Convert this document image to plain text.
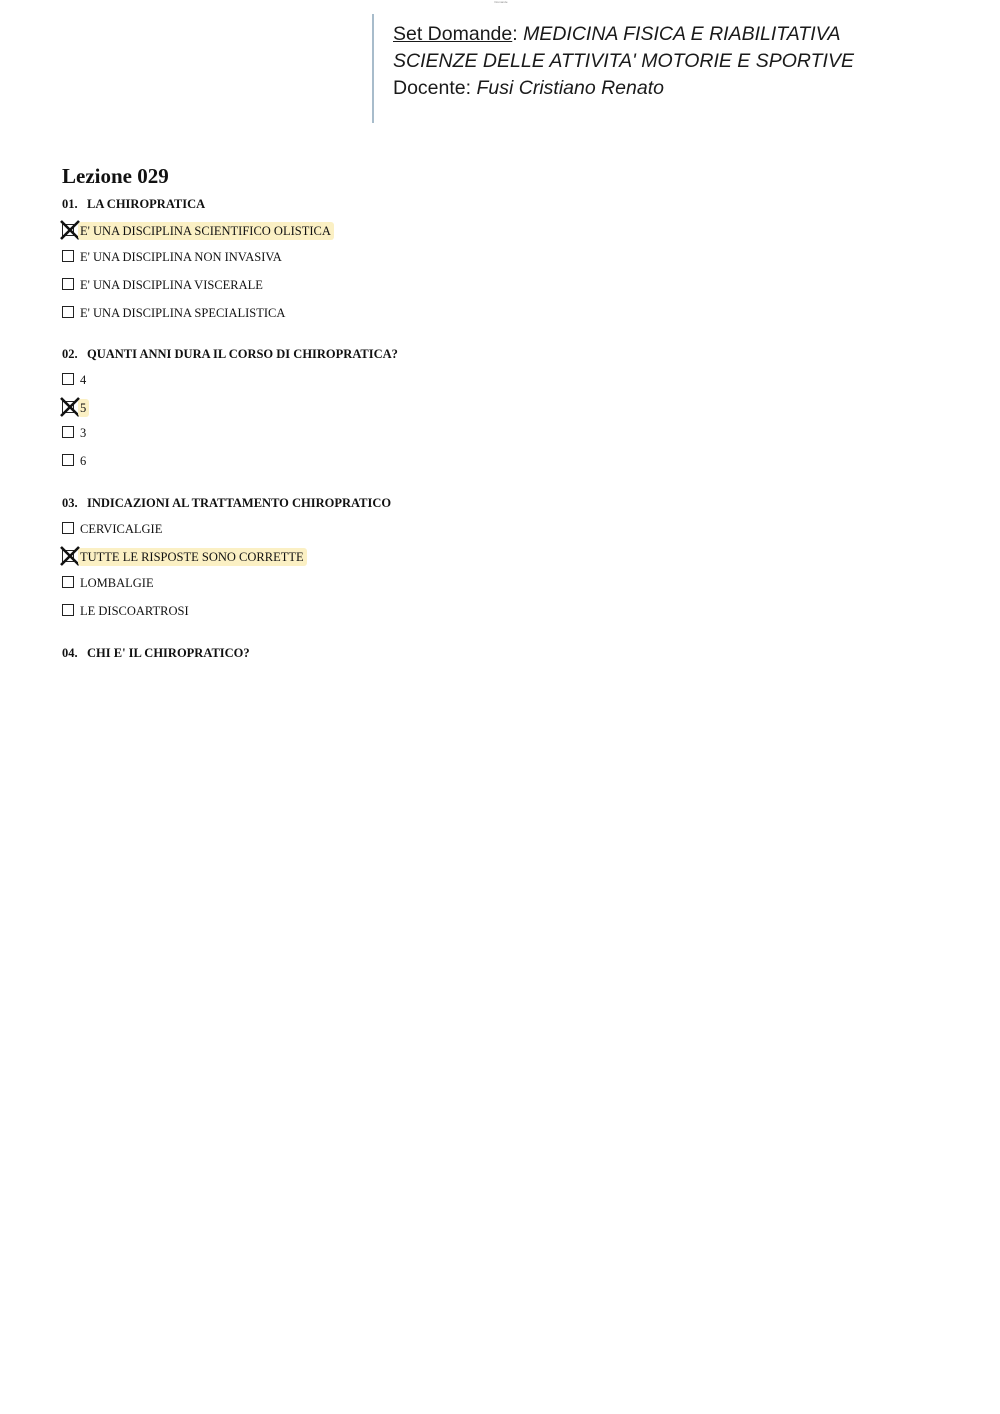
Domande
Set Domande: MEDICINA FISICA E RIABILITATIVA
SCIENZE DELLE ATTIVITA' MOTORIE E SPORTIVE
Docente: Fusi Cristiano Renato
Lezione 029
01. LA CHIROPRATICA
E' UNA DISCIPLINA SCIENTIFICO OLISTICA
E' UNA DISCIPLINA NON INVASIVA
E' UNA DISCIPLINA VISCERALE
E' UNA DISCIPLINA SPECIALISTICA
02. QUANTI ANNI DURA IL CORSO DI CHIROPRATICA?
4
5
3
6
03. INDICAZIONI AL TRATTAMENTO CHIROPRATICO
CERVICALGIE
TUTTE LE RISPOSTE SONO CORRETTE
LOMBALGIE
LE DISCOARTROSI
04. CHI E' IL CHIROPRATICO?
